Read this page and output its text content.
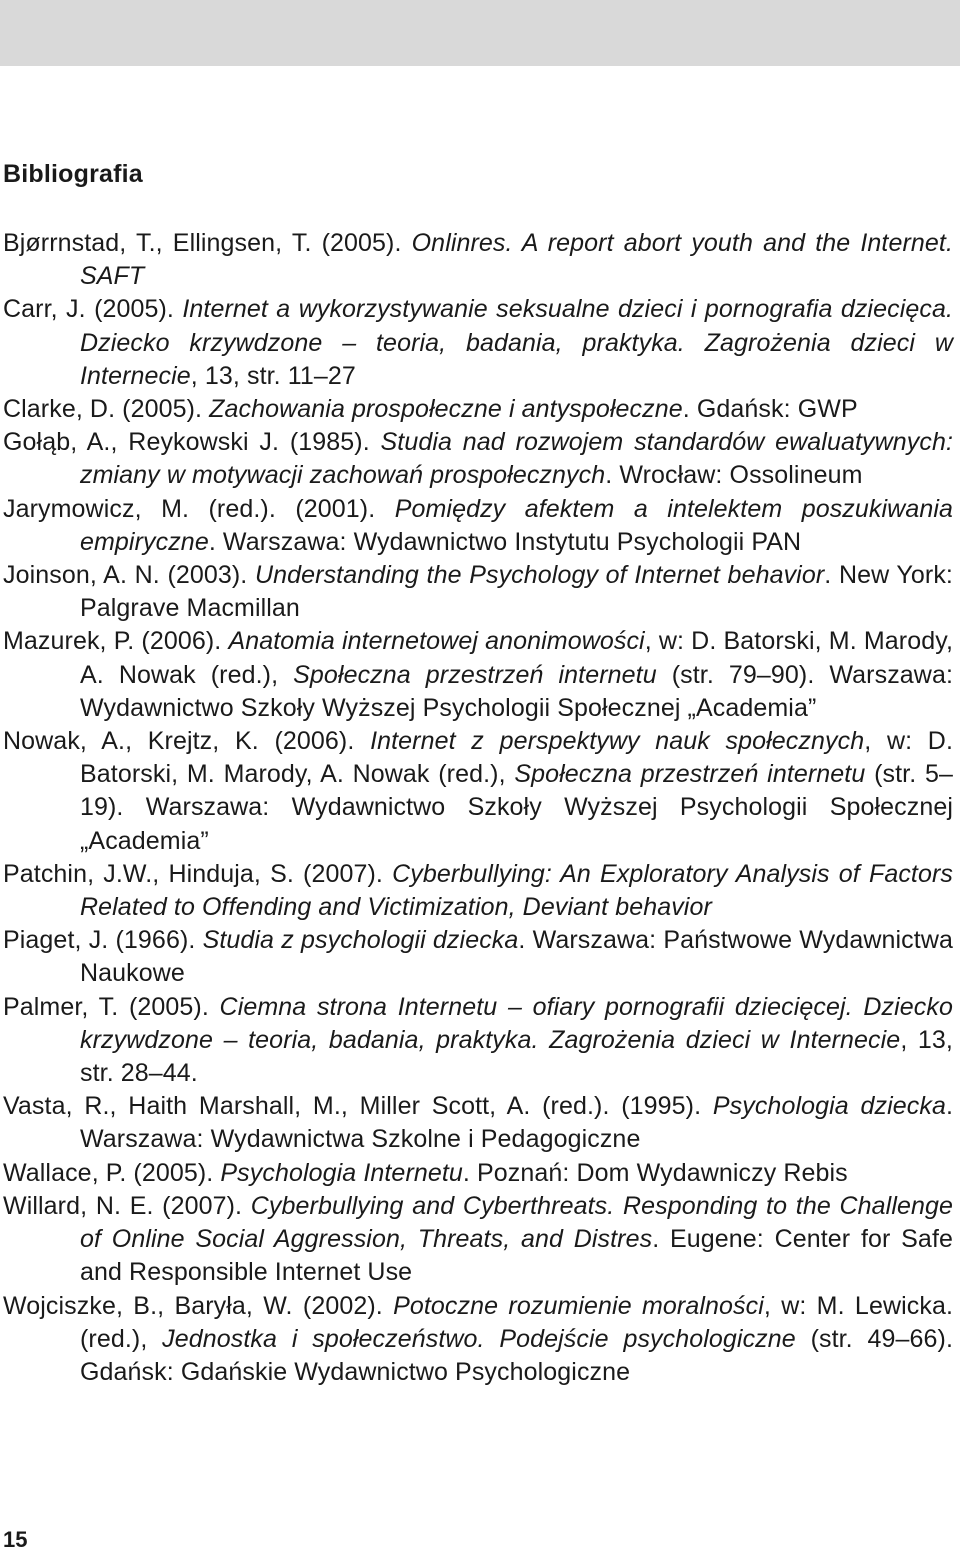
Bibliografia
Bjørrnstad, T., Ellingsen, T. (2005). Onlinres. A report abort youth and the Internet. SAFT
Carr, J. (2005). Internet a wykorzystywanie seksualne dzieci i pornografia dziecięca. Dziecko krzywdzone – teoria, badania, praktyka. Zagrożenia dzieci w Internecie, 13, str. 11–27
Clarke, D. (2005). Zachowania prospołeczne i antyspołeczne. Gdańsk: GWP
Gołąb, A., Reykowski J. (1985). Studia nad rozwojem standardów ewaluatywnych: zmiany w motywacji zachowań prospołecznych. Wrocław: Ossolineum
Jarymowicz, M. (red.). (2001). Pomiędzy afektem a intelektem poszukiwania empiryczne. Warszawa: Wydawnictwo Instytutu Psychologii PAN
Joinson, A. N. (2003). Understanding the Psychology of Internet behavior. New York: Palgrave Macmillan
Mazurek, P. (2006). Anatomia internetowej anonimowości, w: D. Batorski, M. Marody, A. Nowak (red.), Społeczna przestrzeń internetu (str. 79–90). Warszawa: Wydawnictwo Szkoły Wyższej Psychologii Społecznej „Academia”
Nowak, A., Krejtz, K. (2006). Internet z perspektywy nauk społecznych, w: D. Batorski, M. Marody, A. Nowak (red.), Społeczna przestrzeń internetu (str. 5–19). Warszawa: Wydawnictwo Szkoły Wyższej Psychologii Społecznej „Academia”
Patchin, J.W., Hinduja, S. (2007). Cyberbullying: An Exploratory Analysis of Factors Related to Offending and Victimization, Deviant behavior
Piaget, J. (1966). Studia z psychologii dziecka. Warszawa: Państwowe Wydawnictwa Naukowe
Palmer, T. (2005). Ciemna strona Internetu – ofiary pornografii dziecięcej. Dziecko krzywdzone – teoria, badania, praktyka. Zagrożenia dzieci w Internecie, 13, str. 28–44.
Vasta, R., Haith Marshall, M., Miller Scott, A. (red.). (1995). Psychologia dziecka. Warszawa: Wydawnictwa Szkolne i Pedagogiczne
Wallace, P. (2005). Psychologia Internetu. Poznań: Dom Wydawniczy Rebis
Willard, N. E. (2007). Cyberbullying and Cyberthreats. Responding to the Challenge of Online Social Aggression, Threats, and Distres. Eugene: Center for Safe and Responsible Internet Use
Wojciszke, B., Baryła, W. (2002). Potoczne rozumienie moralności, w: M. Lewicka. (red.), Jednostka i społeczeństwo. Podejście psychologiczne (str. 49–66). Gdańsk: Gdańskie Wydawnictwo Psychologiczne
15
